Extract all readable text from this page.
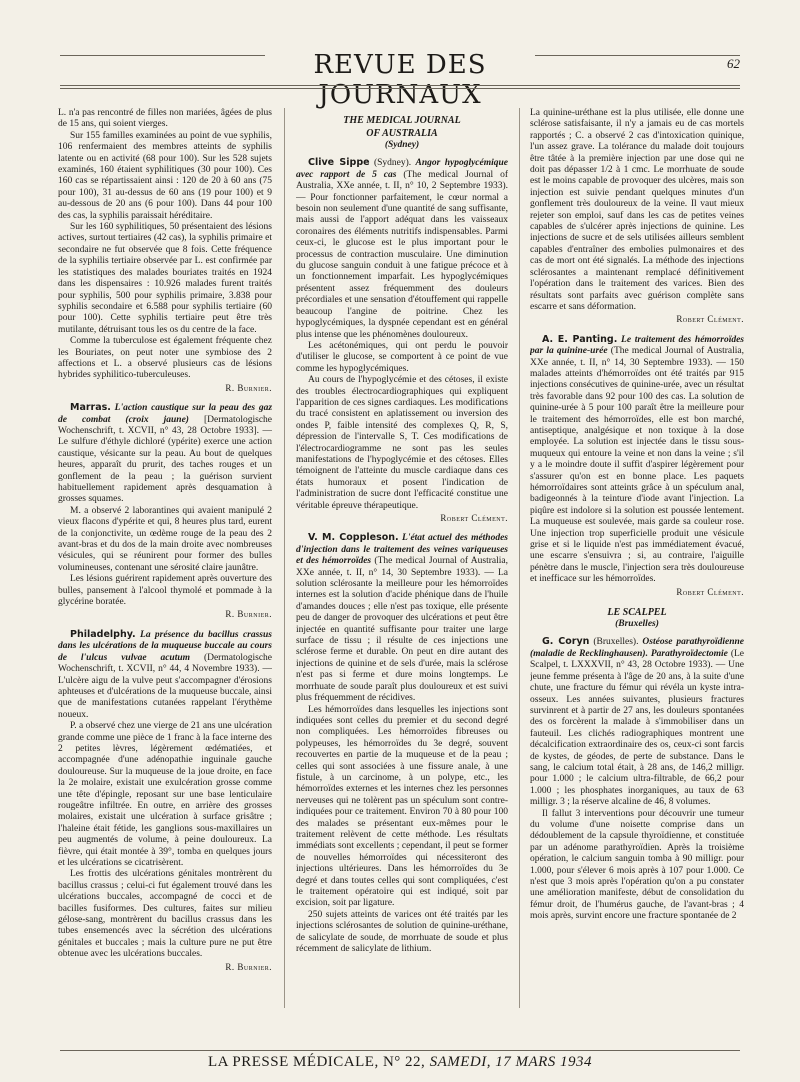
REVUE DES JOURNAUX
62

L. n'a pas rencontré de filles non mariées, âgées de plus de 15 ans, qui soient vierges.

Sur 155 familles examinées au point de vue syphilis, 106 renfermaient des membres atteints de syphilis latente ou en activité (68 pour 100). Sur les 528 sujets examinés, 160 étaient syphilitiques (30 pour 100). Ces 160 cas se répartissaient ainsi : 120 de 20 à 60 ans (75 pour 100), 31 au-dessus de 60 ans (19 pour 100) et 9 au-dessous de 20 ans (6 pour 100). Dans 44 pour 100 des cas, la syphilis paraissait héréditaire.

Sur les 160 syphilitiques, 50 présentaient des lésions actives, surtout tertiaires (42 cas), la syphilis primaire et secondaire ne fut observée que 8 fois. Cette fréquence de la syphilis tertiaire observée par L. est confirmée par les statistiques des malades bouriates traités en 1924 dans les dispensaires : 10.926 malades furent traités pour syphilis, 500 pour syphilis primaire, 3.838 pour syphilis secondaire et 6.588 pour syphilis tertiaire (60 pour 100). Cette syphilis tertiaire peut être très mutilante, détruisant tous les os du centre de la face.

Comme la tuberculose est également fréquente chez les Bouriates, on peut noter une symbiose des 2 affections et L. a observé plusieurs cas de lésions hybrides syphilitico-tuberculeuses.

R. Burnier.

Marras. L'action caustique sur la peau des gaz de combat (croix jaune) [Dermatologische Wochenschrift, t. XCVII, n° 43, 28 Octobre 1933]. — Le sulfure d'éthyle dichloré (ypérite) exerce une action caustique, vésicante sur la peau. Au bout de quelques heures, apparaît du prurit, des taches rouges et un gonflement de la peau ; la guérison survient habituellement rapidement après desquamation à grosses squames.

M. a observé 2 laborantines qui avaient manipulé 2 vieux flacons d'ypérite et qui, 8 heures plus tard, eurent de la conjonctivite, un œdème rouge de la peau des 2 avant-bras et du dos de la main droite avec nombreuses vésicules, qui se réunirent pour former des bulles volumineuses, contenant une sérosité claire jaunâtre.

Les lésions guérirent rapidement après ouverture des bulles, pansement à l'alcool thymolé et pommade à la glycérine boratée.

R. Burnier.

Philadelphy. La présence du bacillus crassus dans les ulcérations de la muqueuse buccale au cours de l'ulcus vulvae acutum (Dermatologische Wochenschrift, t. XCVII, n° 44, 4 Novembre 1933). — L'ulcère aigu de la vulve peut s'accompagner d'érosions aphteuses et d'ulcérations de la muqueuse buccale, ainsi que de manifestations cutanées rappelant l'érythème noueux.

P. a observé chez une vierge de 21 ans une ulcération grande comme une pièce de 1 franc à la face interne des 2 petites lèvres, légèrement œdématiées, et accompagnée d'une adénopathie inguinale gauche douloureuse. Sur la muqueuse de la joue droite, en face la 2e molaire, existait une exulcération grosse comme une tête d'épingle, reposant sur une base lenticulaire rougeâtre infiltrée. En outre, en arrière des grosses molaires, existait une ulcération à surface grisâtre ; l'haleine était fétide, les ganglions sous-maxillaires un peu augmentés de volume, à peine douloureux. La fièvre, qui était montée à 39°, tomba en quelques jours et les ulcérations se cicatrisèrent.

Les frottis des ulcérations génitales montrèrent du bacillus crassus ; celui-ci fut également trouvé dans les ulcérations buccales, accompagné de cocci et de bacilles fusiformes. Des cultures, faites sur milieu gélose-sang, montrèrent du bacillus crassus dans les tubes ensemencés avec la sécrétion des ulcérations génitales et buccales ; mais la culture pure ne put être obtenue avec les ulcérations buccales.

R. Burnier.
THE MEDICAL JOURNAL
OF AUSTRALIA
(Sydney)

Clive Sippe (Sydney). Angor hypoglycémique avec rapport de 5 cas (The medical Journal of Australia, XXe année, t. II, n° 10, 2 Septembre 1933). — Pour fonctionner parfaitement, le cœur normal a besoin non seulement d'une quantité de sang suffisante, mais aussi de l'apport adéquat dans les vaisseaux coronaires des éléments nutritifs indispensables. Parmi ceux-ci, le glucose est le plus important pour le processus de contraction musculaire. Une diminution du glucose sanguin conduit à une fatigue précoce et à un fonctionnement imparfait. Les hypoglycémiques présentent assez fréquemment des douleurs précordiales et une sensation d'étouffement qui rappelle beaucoup l'angine de poitrine. Chez les hypoglycémiques, la dyspnée cependant est en général plus intense que les phénomènes douloureux.

Les acétonémiques, qui ont perdu le pouvoir d'utiliser le glucose, se comportent à ce point de vue comme les hypoglycémiques.

Au cours de l'hypoglycémie et des cétoses, il existe des troubles électrocardiographiques qui expliquent l'apparition de ces signes cardiaques. Les modifications du tracé consistent en aplatissement ou inversion des ondes P, faible intensité des complexes Q, R, S, dépression de l'intervalle S, T. Ces modifications de l'électrocardiogramme ne sont pas les seules manifestations de l'hypoglycémie et des cétoses. Elles témoignent de l'atteinte du muscle cardiaque dans ces états humoraux et posent l'indication de l'administration de sucre dont l'efficacité constitue une véritable épreuve thérapeutique.

Robert Clément.

V. M. Coppleson. L'état actuel des méthodes d'injection dans le traitement des veines variqueuses et des hémorroïdes (The medical Journal of Australia, XXe année, t. II, n° 14, 30 Septembre 1933). — La solution sclérosante la meilleure pour les hémorroïdes internes est la solution d'acide phénique dans de l'huile d'amandes douces ; elle n'est pas toxique, elle présente peu de danger de provoquer des ulcérations et peut être injectée en quantité suffisante pour traiter une large surface de tissu ; il résulte de ces injections une sclérose ferme et durable. On peut en dire autant des injections de quinine et de sels d'urée, mais la sclérose n'est pas si ferme et dure moins longtemps. Le morrhuate de soude paraît plus douloureux et est suivi plus fréquemment de récidives.

Les hémorroïdes dans lesquelles les injections sont indiquées sont celles du premier et du second degré non compliquées. Les hémorroïdes fibreuses ou polypeuses, les hémorroïdes du 3e degré, souvent recouvertes en partie de la muqueuse et de la peau ; celles qui sont associées à une fissure anale, à une fistule, à un carcinome, à un polype, etc., les hémorroïdes externes et les internes chez les personnes nerveuses qui ne tolèrent pas un spéculum sont contre-indiquées pour ce traitement. Environ 70 à 80 pour 100 des malades se présentant eux-mêmes pour le traitement relèvent de cette méthode. Les résultats immédiats sont excellents ; cependant, il peut se former de nouvelles hémorroïdes qui nécessiteront des injections ultérieures. Dans les hémorroïdes du 3e degré et dans toutes celles qui sont compliquées, c'est le traitement opératoire qui est indiqué, soit par excision, soit par ligature.

250 sujets atteints de varices ont été traités par les injections sclérosantes de solution de quinine-uréthane, de salicylate de soude, de morrhuate de soude et plus récemment de salicylate de lithium.

La quinine-uréthane est la plus utilisée, elle donne une sclérose satisfaisante, il n'y a jamais eu de cas mortels rapportés ; C. a observé 2 cas d'intoxication quinique, l'un assez grave. La tolérance du malade doit toujours être tâtée à la première injection par une dose qui ne doit pas dépasser 1/2 à 1 cmc. Le morrhuate de soude est le moins capable de provoquer des ulcères, mais son injection est suivie pendant quelques minutes d'un gonflement très douloureux de la veine. Il vaut mieux rejeter son emploi, sauf dans les cas de petites veines capables de s'ulcérer après injections de quinine. Les injections de sucre et de sels utilisées ailleurs semblent capables d'entraîner des embolies pulmonaires et des cas de mort ont été signalés. La méthode des injections sclérosantes a maintenant remplacé définitivement l'opération dans le traitement des varices. Bien des résultats sont parfaits avec guérison complète sans escarre et sans déformation.

Robert Clément.

A. E. Panting. Le traitement des hémorroïdes par la quinine-urée (The medical Journal of Australia, XXe année, t. II, n° 14, 30 Septembre 1933). — 150 malades atteints d'hémorroïdes ont été traités par 915 injections consécutives de quinine-urée, avec un résultat très favorable dans 92 pour 100 des cas. La solution de quinine-urée à 5 pour 100 paraît être la meilleure pour le traitement des hémorroïdes, elle est bon marché, antiseptique, analgésique et non toxique à la dose employée. La solution est injectée dans le tissu sous-muqueux qui entoure la veine et non dans la veine ; s'il y a le moindre doute il suffit d'aspirer légèrement pour s'assurer qu'on est en bonne place. Les paquets hémorroïdaires sont atteints grâce à un spéculum anal, badigeonnés à la teinture d'iode avant l'injection. La piqûre est indolore si la solution est poussée lentement. La muqueuse est soulevée, mais garde sa couleur rose. Une injection trop superficielle produit une vésicule grise et si le liquide n'est pas immédiatement évacué, une escarre s'ensuivra ; si, au contraire, l'aiguille pénètre dans le muscle, l'injection sera très douloureuse et inefficace sur les hémorroïdes.

Robert Clément.
LE SCALPEL
(Bruxelles)

G. Coryn (Bruxelles). Ostéose parathyroïdienne (maladie de Recklinghausen). Parathyroïdectomie (Le Scalpel, t. LXXXVII, n° 43, 28 Octobre 1933). — Une jeune femme présenta à l'âge de 20 ans, à la suite d'une chute, une fracture du fémur qui révéla un kyste intra-osseux. Les années suivantes, plusieurs fractures survinrent et à partir de 27 ans, les douleurs spontanées des os forcèrent la malade à s'immobiliser dans un fauteuil. Les clichés radiographiques montrent une décalcification extraordinaire des os, ceux-ci sont farcis de kystes, de géodes, de perte de substance. Dans le sang, le calcium total était, à 28 ans, de 146,2 milligr. pour 1.000 ; le calcium ultra-filtrable, de 66,2 pour 1.000 ; les phosphates inorganiques, au taux de 63 milligr. 3 ; la réserve alcaline de 46, 8 volumes.

Il fallut 3 interventions pour découvrir une tumeur du volume d'une noisette comprise dans un dédoublement de la capsule thyroïdienne, et constituée par un adénome parathyroïdien. Après la troisième opération, le calcium sanguin tomba à 90 milligr. pour 1.000, pour s'élever 6 mois après à 107 pour 1.000. Ce n'est que 3 mois après l'opération qu'on a pu constater une amélioration manifeste, début de consolidation du fémur droit, de l'humérus gauche, de l'avant-bras ; 4 mois après, survint encore une fracture spontanée de 2

LA PRESSE MÉDICALE, N° 22, SAMEDI, 17 MARS 1934
